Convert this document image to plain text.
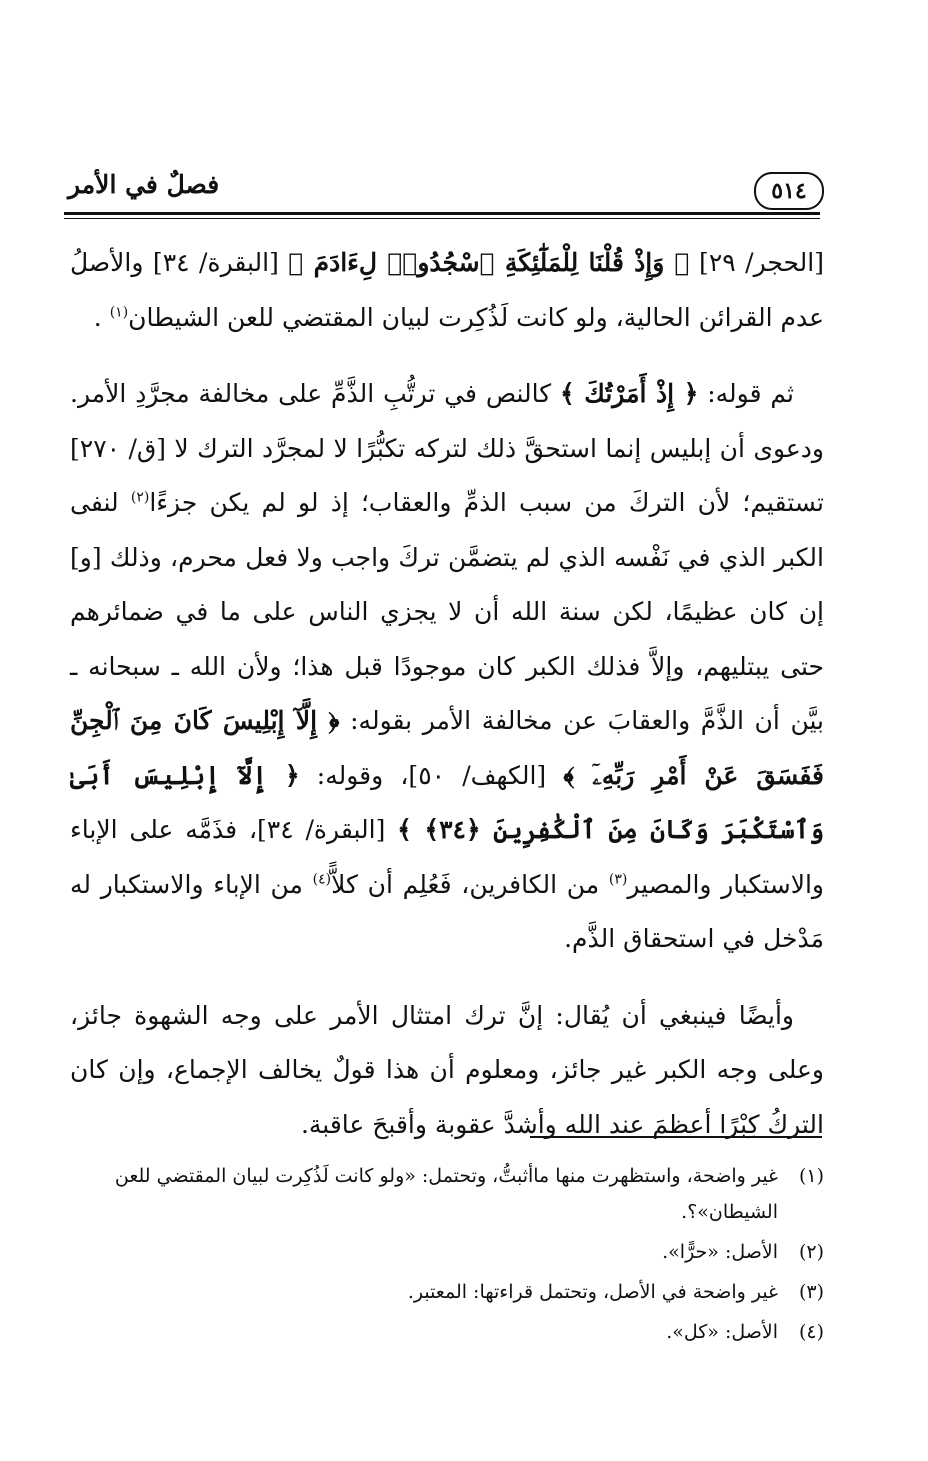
٥١٤
فصلٌ في الأمر

[الحجر/ ٢٩] ﴿ وَإِذْ قُلْنَا لِلْمَلَٰٓئِكَةِ ٱسْجُدُوا۟ لِءَادَمَ ﴾ [البقرة/ ٣٤] والأصلُ عدم القرائن الحالية، ولو كانت لَذُكِرت لبيان المقتضي للعن الشيطان$^{(١)}$ .

ثم قوله: ﴿ إِذْ أَمَرْتُكَ ﴾ كالنص في ترتُّبِ الذَّمِّ على مخالفة مجرَّدِ الأمر. ودعوى أن إبليس إنما استحقَّ ذلك لتركه تكبُّرًا لا لمجرَّد الترك لا [ق/ ٢٧٠] تستقيم؛ لأن التركَ من سبب الذمِّ والعقاب؛ إذ لو لم يكن جزءًا$^{(٢)}$ لنفى الكبر الذي في نَفْسه الذي لم يتضمَّن تركَ واجب ولا فعل محرم، وذلك [و] إن كان عظيمًا، لكن سنة الله أن لا يجزي الناس على ما في ضمائرهم حتى يبتليهم، وإلاَّ فذلك الكبر كان موجودًا قبل هذا؛ ولأن الله ـ سبحانه ـ بيَّن أن الذَّمَّ والعقابَ عن مخالفة الأمر بقوله: ﴿ إِلَّآ إِبْلِيسَ كَانَ مِنَ ٱلْجِنِّ فَفَسَقَ عَنْ أَمْرِ رَبِّهِۦٓ ﴾ [الكهف/ ٥٠]، وقوله: ﴿ إِلَّآ إِبْلِيسَ أَبَىٰ وَٱسْتَكْبَرَ وَكَانَ مِنَ ٱلْكَٰفِرِينَ ﴿٣٤﴾ ﴾ [البقرة/ ٣٤]، فذَمَّه على الإباء والاستكبار والمصير$^{(٣)}$ من الكافرين، فَعُلِم أن كلاًّ$^{(٤)}$ من الإباء والاستكبار له مَدْخل في استحقاق الذَّم.

وأيضًا فينبغي أن يُقال: إنَّ ترك امتثال الأمر على وجه الشهوة جائز، وعلى وجه الكبر غير جائز، ومعلوم أن هذا قولٌ يخالف الإجماع، وإن كان التركُ كِبْرًا أعظمَ عند الله وأشدَّ عقوبة وأقبحَ عاقبة.

(١)
غير واضحة، واستظهرت منها ماأثبتُّ، وتحتمل: «ولو كانت لَذُكِرت لبيان المقتضي للعن الشيطان»؟.
(٢)
الأصل: «حرًّا».
(٣)
غير واضحة في الأصل، وتحتمل قراءتها: المعتبر.
(٤)
الأصل: «كل».
